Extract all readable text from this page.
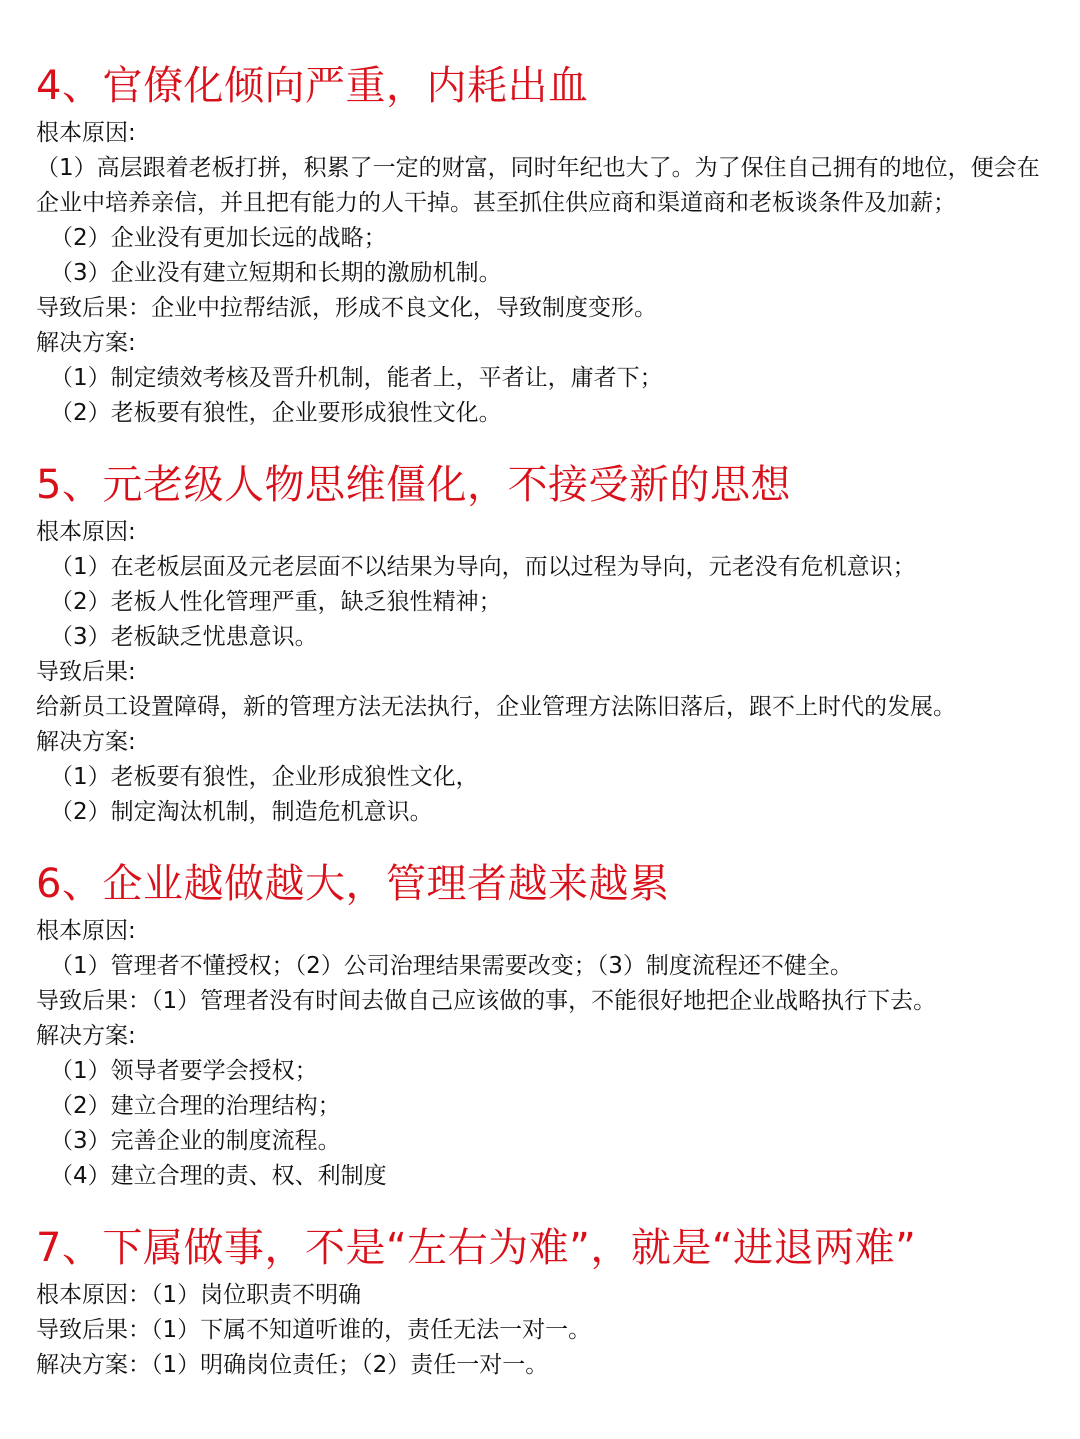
4、官僚化倾向严重，内耗出血

根本原因:

（1）高层跟着老板打拼，积累了一定的财富，同时年纪也大了。为了保住自己拥有的地位，便会在企业中培养亲信，并且把有能力的人干掉。甚至抓住供应商和渠道商和老板谈条件及加薪；

（2）企业没有更加长远的战略；

（3）企业没有建立短期和长期的激励机制。

导致后果：企业中拉帮结派，形成不良文化，导致制度变形。

解决方案:

（1）制定绩效考核及晋升机制，能者上，平者让，庸者下；

（2）老板要有狼性，企业要形成狼性文化。

5、元老级人物思维僵化，不接受新的思想

根本原因:

（1）在老板层面及元老层面不以结果为导向，而以过程为导向，元老没有危机意识；

（2）老板人性化管理严重，缺乏狼性精神；

（3）老板缺乏忧患意识。

导致后果:

给新员工设置障碍，新的管理方法无法执行，企业管理方法陈旧落后，跟不上时代的发展。

解决方案:

（1）老板要有狼性，企业形成狼性文化，

（2）制定淘汰机制，制造危机意识。

6、企业越做越大，管理者越来越累

根本原因:

（1）管理者不懂授权；（2）公司治理结果需要改变；（3）制度流程还不健全。

导致后果：（1）管理者没有时间去做自己应该做的事，不能很好地把企业战略执行下去。

解决方案:

（1）领导者要学会授权；

（2）建立合理的治理结构；

（3）完善企业的制度流程。

（4）建立合理的责、权、利制度

7、下属做事，不是“左右为难”，就是“进退两难”

根本原因：（1）岗位职责不明确

导致后果：（1）下属不知道听谁的，责任无法一对一。

解决方案：（1）明确岗位责任；（2）责任一对一。
